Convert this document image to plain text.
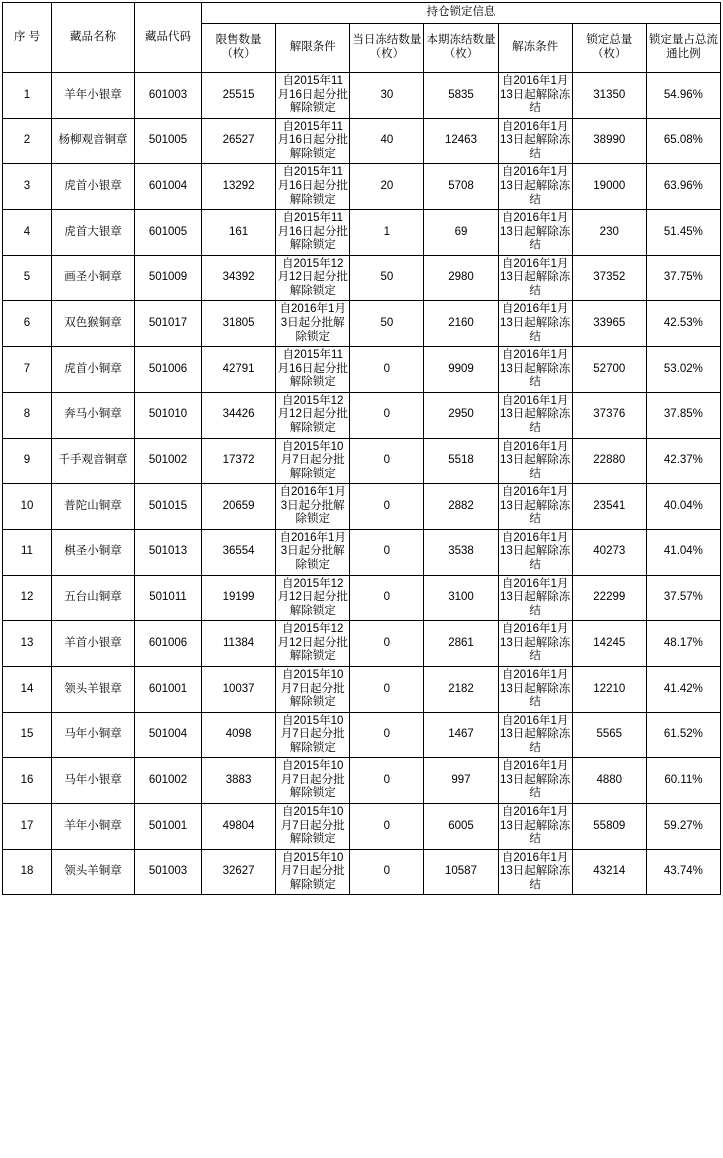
序 号	藏品名称	藏品代码	持仓锁定信息						
			限售数量（枚）	解限条件	当日冻结数量（枚）	本期冻结数量（枚）	解冻条件	锁定总量（枚）	锁定量占总流通比例
1	羊年小银章	601003	25515	自2015年11月16日起分批解除锁定	30	5835	自2016年1月13日起解除冻结	31350	54.96%
2	杨柳观音铜章	501005	26527	自2015年11月16日起分批解除锁定	40	12463	自2016年1月13日起解除冻结	38990	65.08%
3	虎首小银章	601004	13292	自2015年11月16日起分批解除锁定	20	5708	自2016年1月13日起解除冻结	19000	63.96%
4	虎首大银章	601005	161	自2015年11月16日起分批解除锁定	1	69	自2016年1月13日起解除冻结	230	51.45%
5	画圣小铜章	501009	34392	自2015年12月12日起分批解除锁定	50	2980	自2016年1月13日起解除冻结	37352	37.75%
6	双色猴铜章	501017	31805	自2016年1月3日起分批解除锁定	50	2160	自2016年1月13日起解除冻结	33965	42.53%
7	虎首小铜章	501006	42791	自2015年11月16日起分批解除锁定	0	9909	自2016年1月13日起解除冻结	52700	53.02%
8	奔马小铜章	501010	34426	自2015年12月12日起分批解除锁定	0	2950	自2016年1月13日起解除冻结	37376	37.85%
9	千手观音铜章	501002	17372	自2015年10月7日起分批解除锁定	0	5518	自2016年1月13日起解除冻结	22880	42.37%
10	普陀山铜章	501015	20659	自2016年1月3日起分批解除锁定	0	2882	自2016年1月13日起解除冻结	23541	40.04%
11	棋圣小铜章	501013	36554	自2016年1月3日起分批解除锁定	0	3538	自2016年1月13日起解除冻结	40273	41.04%
12	五台山铜章	501011	19199	自2015年12月12日起分批解除锁定	0	3100	自2016年1月13日起解除冻结	22299	37.57%
13	羊首小银章	601006	11384	自2015年12月12日起分批解除锁定	0	2861	自2016年1月13日起解除冻结	14245	48.17%
14	领头羊银章	601001	10037	自2015年10月7日起分批解除锁定	0	2182	自2016年1月13日起解除冻结	12210	41.42%
15	马年小铜章	501004	4098	自2015年10月7日起分批解除锁定	0	1467	自2016年1月13日起解除冻结	5565	61.52%
16	马年小银章	601002	3883	自2015年10月7日起分批解除锁定	0	997	自2016年1月13日起解除冻结	4880	60.11%
17	羊年小铜章	501001	49804	自2015年10月7日起分批解除锁定	0	6005	自2016年1月13日起解除冻结	55809	59.27%
18	领头羊铜章	501003	32627	自2015年10月7日起分批解除锁定	0	10587	自2016年1月13日起解除冻结	43214	43.74%
